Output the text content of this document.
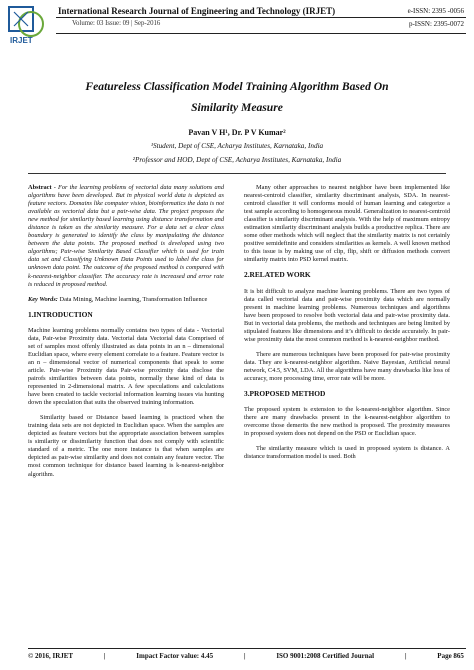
IRJET
International Research Journal of Engineering and Technology (IRJET)
Volume: 03 Issue: 09 | Sep-2016
e-ISSN: 2395 -0056
p-ISSN: 2395-0072
Featureless Classification Model Training Algorithm Based On
Similarity Measure
Pavan V H¹, Dr. P V Kumar²
¹Student, Dept of CSE, Acharya Institutes, Karnataka, India
²Professor and HOD, Dept of CSE, Acharya Institutes, Karnataka, India

Abstract - For the learning problems of vectorial data many solutions and algorithms have been developed. But in physical world data is depicted as feature vectors. Domains like computer vision, bioinformatics the data is not available as vectorial data but a pair-wise data. The project proposes the new method for similarity based learning using distance transformation and distance is taken as the similarity measure. For a data set a clear class boundary is generated to identify the class by manipulating the distance between the data points. The proposed method is developed using two algorithms; Pair-wise Similarity Based Classifier which is used for train data set and Classifying Unknown Data Points used to label the class for unknown data point. The outcome of the proposed method is compared with k-nearest-neighbor classifier. The accuracy rate is increased and error rate is reduced in proposed method.

Key Words: Data Mining, Machine learning, Transformation Influence

1.INTRODUCTION

Machine learning problems normally contains two types of data - Vectorial data, Pair-wise Proximity data. Vectorial data Vectorial data Comprised of set of samples most offenly illustrated as data points in an n – dimensional Euclidian space, where every element correlate to a feature. Feature vector is an n – dimensional vector of numerical components that speak to some article. Pair-wise Proximity data Pair-wise proximity data disclose the pairofs similarities between data points, normally these kind of data is represented in 2-dimensional matrix. A few speculations and calculations have been created to tackle vectorial information learning issues via hunting down the speculation that suits the observed training information.

Similarity based or Distance based learning is practiced when the training data sets are not depicted in Euclidian space. When the samples are depicted as feature vectors but the appropriate association between samples is similarity or dissimilarity function that does not comply with scientific standard of a metric. The one more instance is that when samples are depicted as pair-wise similarity and does not contain any feature vector. The most common technique for distance based learning is k-nearest-neighbor algorithm.

Many other approaches to nearest neighbor have been implemented like nearest-centroid classifier, similarity discriminant analysis, SDA. In nearest-centroid classifier it will conforms mould of human learning and categorize a test sample according to homogeneous mould. Generalization to nearest-centroid classifier is similarity discriminant analysis. With the help of maximum entropy estimation similarity discriminant analysis builds a productive replica. There are some other methods which will neglect that the similarity matrix is not certainly positive semidefinite and considers similarities as kernels. A well known method to this issue is by making use of clip, flip, shift or diffusion methods convert similarity matrix into PSD kernel matrix.

2.RELATED WORK

It is bit difficult to analyze machine learning problems. There are two types of data called vectorial data and pair-wise proximity data which are normally present in machine learning problems. Numerous techniques and algorithms have been proposed to resolve both vectorial data and pair-wise proximity data. But in vectorial data problems, the methods and techniques are being limited by stipulated features like dimensions and it’s difficult to decide accurately. In pair-wise proximity data the most common method is k-nearest-neighbor method.

There are numerous techniques have been proposed for pair-wise proximity data. They are k-nearest-neighbor algorithm. Naive Bayesian, Artificial neural network, C4.5, SVM, LDA. All the algorithms have many drawbacks like loss of accuracy, more processing time, error rate will be more.

3.PROPOSED METHOD

The proposed system is extension to the k-nearest-neighbor algorithm. Since there are many drawbacks present in the k-nearest-neighbor algorithm to overcome those demerits the new method is proposed. The proximity measures in proposed system does not depend on the PSD or Euclidian space.

The similarity measure which is used in proposed system is distance. A distance transformation model is used. Both

© 2016, IRJET	|	Impact Factor value: 4.45	|	ISO 9001:2008 Certified Journal	|	Page 865
